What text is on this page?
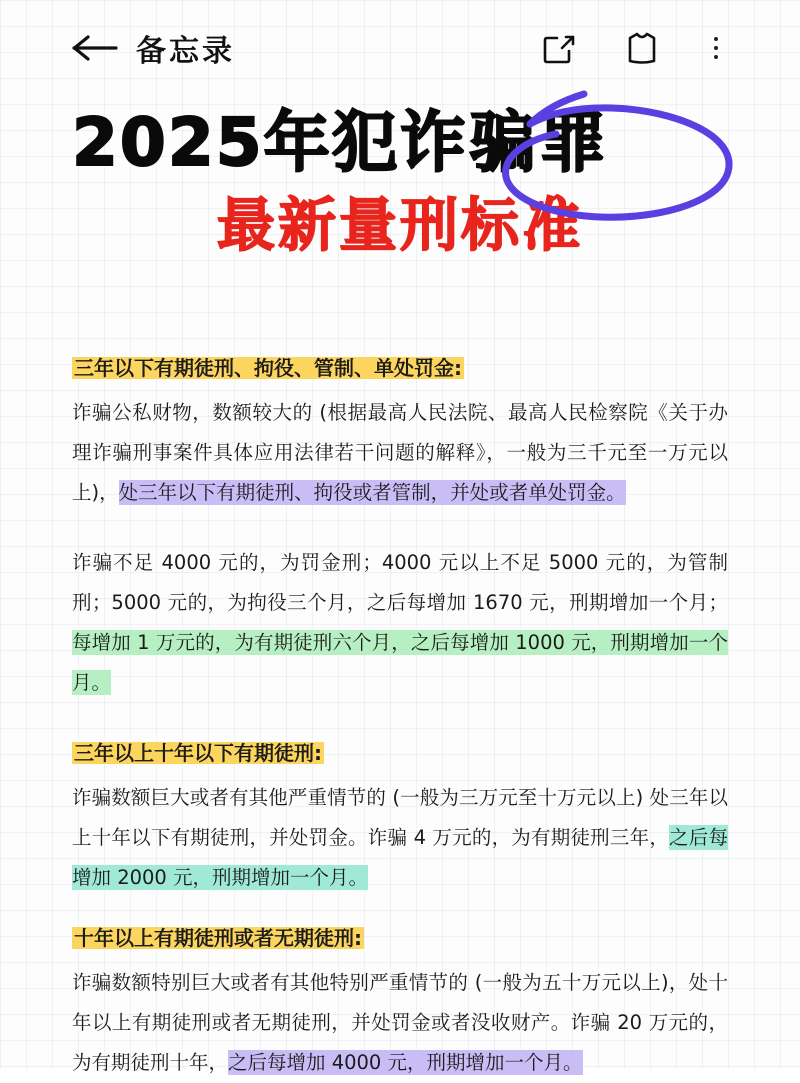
备忘录
2025年犯诈骗罪
最新量刑标准
三年以下有期徒刑、拘役、管制、单处罚金:

诈骗公私财物，数额较大的 (根据最高人民法院、最高人民检察院《关于办理诈骗刑事案件具体应用法律若干问题的解释》，一般为三千元至一万元以上)，处三年以下有期徒刑、拘役或者管制，并处或者单处罚金。

诈骗不足 4000 元的，为罚金刑；4000 元以上不足 5000 元的，为管制刑；5000 元的，为拘役三个月，之后每增加 1670 元，刑期增加一个月；每增加 1 万元的，为有期徒刑六个月，之后每增加 1000 元，刑期增加一个月。

三年以上十年以下有期徒刑:

诈骗数额巨大或者有其他严重情节的 (一般为三万元至十万元以上) 处三年以上十年以下有期徒刑，并处罚金。诈骗 4 万元的，为有期徒刑三年，之后每增加 2000 元，刑期增加一个月。

十年以上有期徒刑或者无期徒刑:

诈骗数额特别巨大或者有其他特别严重情节的 (一般为五十万元以上)，处十年以上有期徒刑或者无期徒刑，并处罚金或者没收财产。诈骗 20 万元的，为有期徒刑十年，之后每增加 4000 元，刑期增加一个月。
